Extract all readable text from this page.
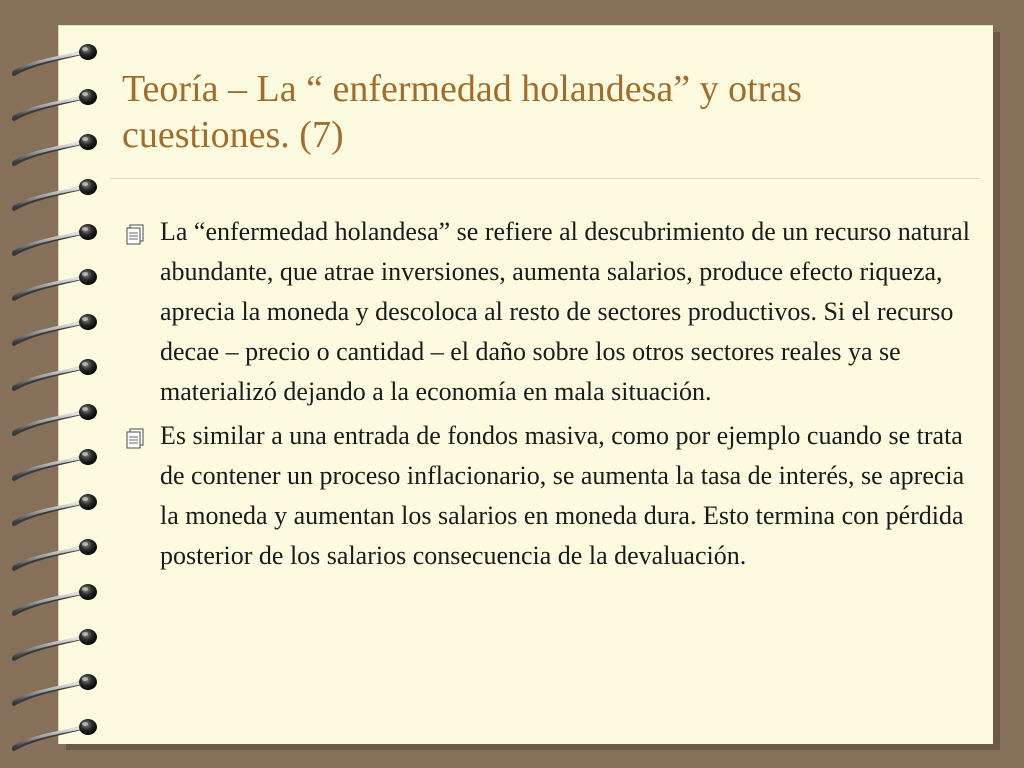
Teoría – La “ enfermedad holandesa” y otras cuestiones. (7)
La “enfermedad holandesa” se refiere al descubrimiento de un recurso natural abundante, que atrae inversiones, aumenta salarios, produce efecto riqueza, aprecia la moneda y descoloca al resto de sectores productivos. Si el recurso decae – precio o cantidad – el daño sobre los otros sectores reales ya se materializó dejando a la economía en mala situación.
Es similar a una entrada de fondos masiva, como por ejemplo cuando se trata de contener un proceso inflacionario, se aumenta la tasa de interés, se aprecia la moneda y aumentan los salarios en moneda dura. Esto termina con pérdida posterior de los salarios consecuencia de la devaluación.
